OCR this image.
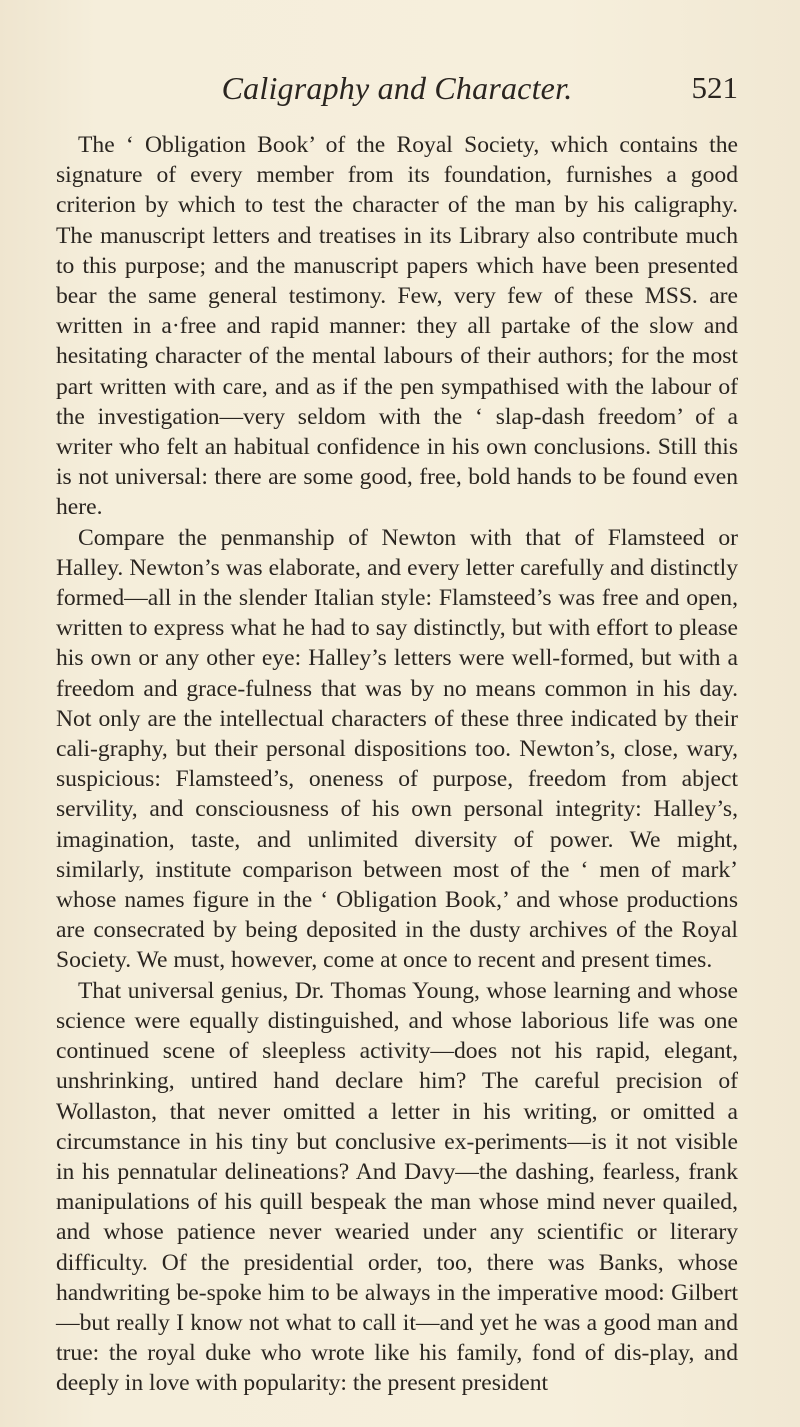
Caligraphy and Character.	521

The ‘ Obligation Book’ of the Royal Society, which contains the signature of every member from its foundation, furnishes a good criterion by which to test the character of the man by his caligraphy. The manuscript letters and treatises in its Library also contribute much to this purpose; and the manuscript papers which have been presented bear the same general testimony. Few, very few of these MSS. are written in a·free and rapid manner: they all partake of the slow and hesitating character of the mental labours of their authors; for the most part written with care, and as if the pen sympathised with the labour of the investigation—very seldom with the ‘ slap-dash freedom’ of a writer who felt an habitual confidence in his own conclusions. Still this is not universal: there are some good, free, bold hands to be found even here.

Compare the penmanship of Newton with that of Flamsteed or Halley. Newton’s was elaborate, and every letter carefully and distinctly formed—all in the slender Italian style: Flamsteed’s was free and open, written to express what he had to say distinctly, but with effort to please his own or any other eye: Halley’s letters were well-formed, but with a freedom and grace-fulness that was by no means common in his day. Not only are the intellectual characters of these three indicated by their cali-graphy, but their personal dispositions too. Newton’s, close, wary, suspicious: Flamsteed’s, oneness of purpose, freedom from abject servility, and consciousness of his own personal integrity: Halley’s, imagination, taste, and unlimited diversity of power. We might, similarly, institute comparison between most of the ‘ men of mark’ whose names figure in the ‘ Obligation Book,’ and whose productions are consecrated by being deposited in the dusty archives of the Royal Society. We must, however, come at once to recent and present times.

That universal genius, Dr. Thomas Young, whose learning and whose science were equally distinguished, and whose laborious life was one continued scene of sleepless activity—does not his rapid, elegant, unshrinking, untired hand declare him? The careful precision of Wollaston, that never omitted a letter in his writing, or omitted a circumstance in his tiny but conclusive ex-periments—is it not visible in his pennatular delineations? And Davy—the dashing, fearless, frank manipulations of his quill bespeak the man whose mind never quailed, and whose patience never wearied under any scientific or literary difficulty. Of the presidential order, too, there was Banks, whose handwriting be-spoke him to be always in the imperative mood: Gilbert—but really I know not what to call it—and yet he was a good man and true: the royal duke who wrote like his family, fond of dis-play, and deeply in love with popularity: the present president
